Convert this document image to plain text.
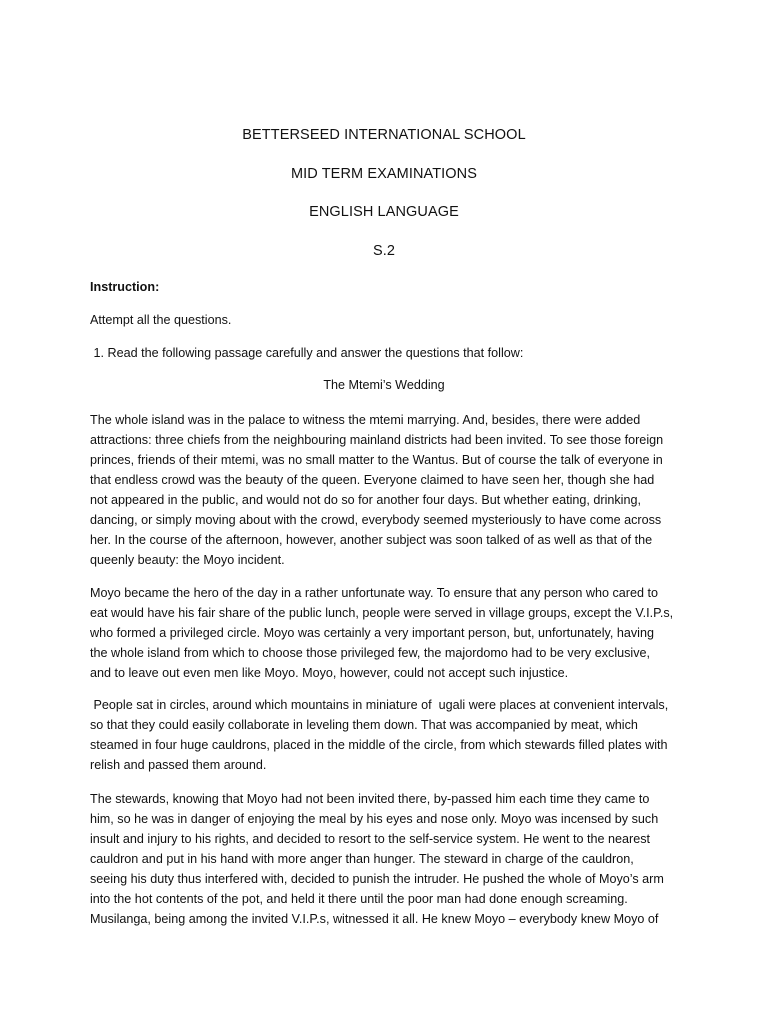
BETTERSEED INTERNATIONAL SCHOOL
MID TERM EXAMINATIONS
ENGLISH LANGUAGE
S.2
Instruction:
Attempt all the questions.
1. Read the following passage carefully and answer the questions that follow:
The Mtemi’s Wedding

The whole island was in the palace to witness the mtemi marrying. And, besides, there were added
attractions: three chiefs from the neighbouring mainland districts had been invited. To see those foreign
princes, friends of their mtemi, was no small matter to the Wantus. But of course the talk of everyone in
that endless crowd was the beauty of the queen. Everyone claimed to have seen her, though she had
not appeared in the public, and would not do so for another four days. But whether eating, drinking,
dancing, or simply moving about with the crowd, everybody seemed mysteriously to have come across
her. In the course of the afternoon, however, another subject was soon talked of as well as that of the
queenly beauty: the Moyo incident.

Moyo became the hero of the day in a rather unfortunate way. To ensure that any person who cared to
eat would have his fair share of the public lunch, people were served in village groups, except the V.I.P.s,
who formed a privileged circle. Moyo was certainly a very important person, but, unfortunately, having
the whole island from which to choose those privileged few, the majordomo had to be very exclusive,
and to leave out even men like Moyo. Moyo, however, could not accept such injustice.

People sat in circles, around which mountains in miniature of  ugali were places at convenient intervals,
so that they could easily collaborate in leveling them down. That was accompanied by meat, which
steamed in four huge cauldrons, placed in the middle of the circle, from which stewards filled plates with
relish and passed them around.

The stewards, knowing that Moyo had not been invited there, by-passed him each time they came to
him, so he was in danger of enjoying the meal by his eyes and nose only. Moyo was incensed by such
insult and injury to his rights, and decided to resort to the self-service system. He went to the nearest
cauldron and put in his hand with more anger than hunger. The steward in charge of the cauldron,
seeing his duty thus interfered with, decided to punish the intruder. He pushed the whole of Moyo’s arm
into the hot contents of the pot, and held it there until the poor man had done enough screaming.
Musilanga, being among the invited V.I.P.s, witnessed it all. He knew Moyo – everybody knew Moyo of
